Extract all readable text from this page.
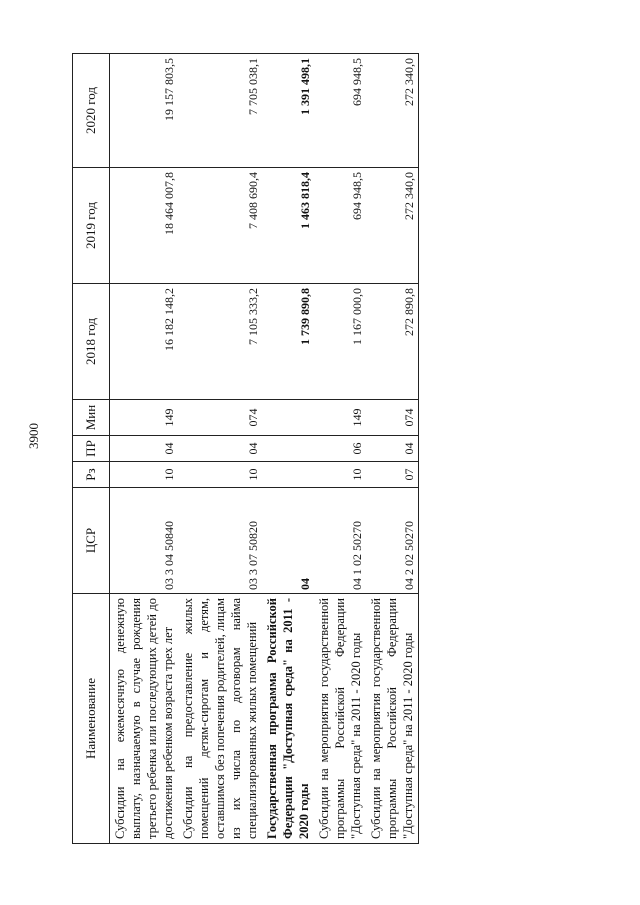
3900
Наименование	ЦСР	Рз	ПР	Мин	2018 год	2019 год	2020 год
Субсидии на ежемесячную денежную выплату, назначаемую в случае рождения третьего ребенка или последующих детей до достижения ребенком возраста трех лет	03 3 04 50840	10	04	149	16 182 148,2	18 464 007,8	19 157 803,5
Субсидии на предоставление жилых помещений детям-сиротам и детям, оставшимся без попечения родителей, лицам из их числа по договорам найма специализированных жилых помещений	03 3 07 50820	10	04	074	7 105 333,2	7 408 690,4	7 705 038,1
Государственная программа Российской Федерации "Доступная среда" на 2011 - 2020 годы	04				1 739 890,8	1 463 818,4	1 391 498,1
Субсидии на мероприятия государственной программы Российской Федерации "Доступная среда" на 2011 - 2020 годы	04 1 02 50270	10	06	149	1 167 000,0	694 948,5	694 948,5
Субсидии на мероприятия государственной программы Российской Федерации "Доступная среда" на 2011 - 2020 годы	04 2 02 50270	07	04	074	272 890,8	272 340,0	272 340,0
